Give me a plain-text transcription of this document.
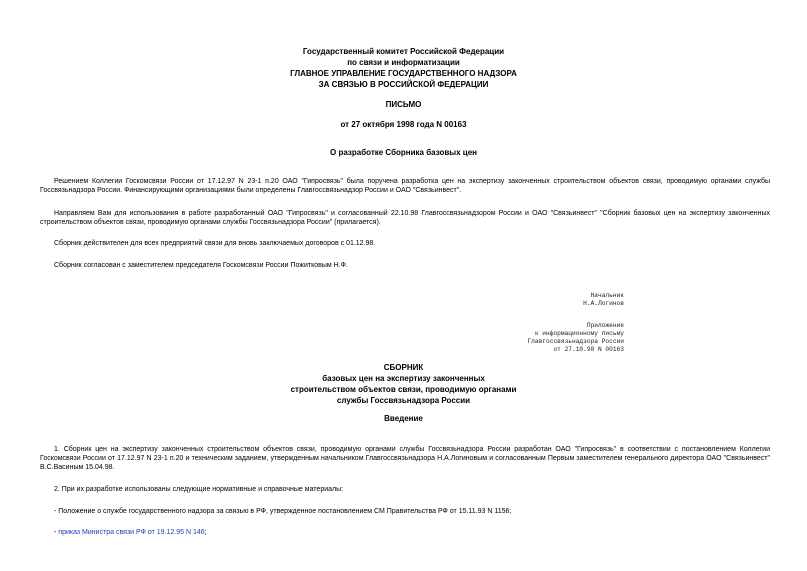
Государственный комитет Российской Федерации
по связи и информатизации
ГЛАВНОЕ УПРАВЛЕНИЕ ГОСУДАРСТВЕННОГО НАДЗОРА
ЗА СВЯЗЬЮ В РОССИЙСКОЙ ФЕДЕРАЦИИ
ПИСЬМО
от 27 октября 1998 года N 00163
О разработке Сборника базовых цен
Решением Коллегии Госкомсвязи России от 17.12.97 N 23-1 п.20 ОАО "Гипросвязь" была поручена разработка цен на экспертизу законченных строительством объектов связи, проводимую органами службы Госсвязьнадзора России. Финансирующими организациями были определены Главгоссвязьнадзор России и ОАО "Связьинвест".
Направляем Вам для использования в работе разработанный ОАО "Гипросвязь" и согласованный 22.10.98 Главгоссвязьнадзором России и ОАО "Связьинвест" "Сборник базовых цен на экспертизу законченных строительством объектов связи, проводимую органами службы Госсвязьнадзора России" (прилагается).
Сборник действителен для всех предприятий связи для вновь заключаемых договоров с 01.12.98.
Сборник согласован с заместителем председателя Госкомсвязи России Пожитковым Н.Ф.
Начальник
Н.А.Логинов
Приложение
к информационному письму
Главгоссвязьнадзора России
от 27.10.98 N 00163
СБОРНИК
базовых цен на экспертизу законченных
строительством объектов связи, проводимую органами
службы Госсвязьнадзора России
Введение
1. Сборник цен на экспертизу законченных строительством объектов связи, проводимую органами службы Госсвязьнадзора России разработан ОАО "Гипросвязь" в соответствии с постановлением Коллегии Госкомсвязи России от 17.12.97 N 23-1 п.20 и техническим заданием, утвержденным начальником Главгоссвязьнадзора Н.А.Логиновым и согласованным Первым заместителем генерального директора ОАО "Связьинвест" В.С.Васиным 15.04.98.
2. При их разработке использованы следующие нормативные и справочные материалы:
- Положение о службе государственного надзора за связью в РФ, утвержденное постановлением СМ Правительства РФ от 15.11.93 N 1156;
- приказ Министра связи РФ от 19.12.95 N 146;
